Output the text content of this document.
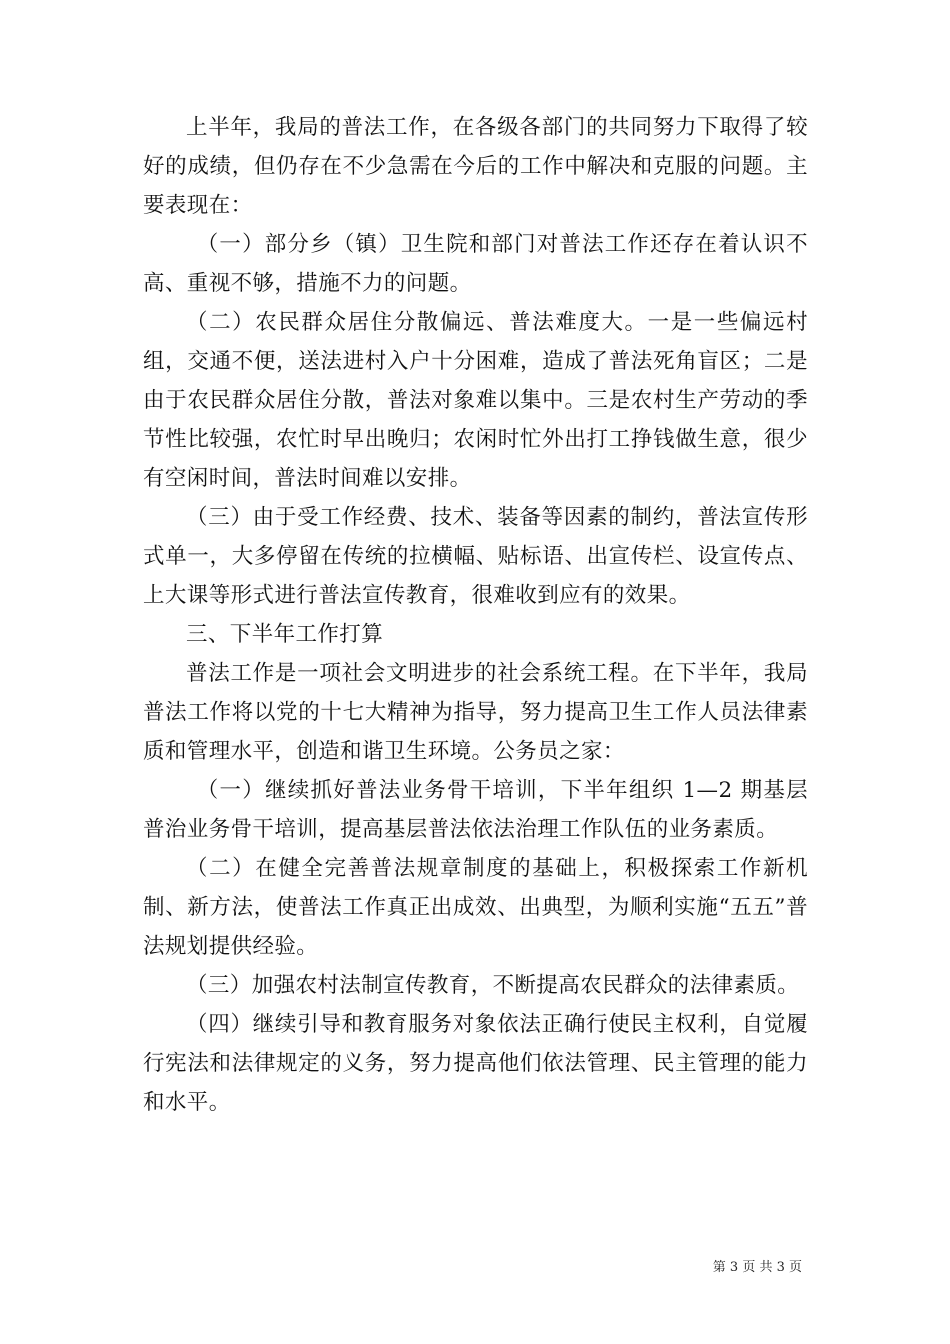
上半年，我局的普法工作，在各级各部门的共同努力下取得了较好的成绩，但仍存在不少急需在今后的工作中解决和克服的问题。主要表现在：

（一）部分乡（镇）卫生院和部门对普法工作还存在着认识不高、重视不够，措施不力的问题。

（二）农民群众居住分散偏远、普法难度大。一是一些偏远村组，交通不便，送法进村入户十分困难，造成了普法死角盲区；二是由于农民群众居住分散，普法对象难以集中。三是农村生产劳动的季节性比较强，农忙时早出晚归；农闲时忙外出打工挣钱做生意，很少有空闲时间，普法时间难以安排。

（三）由于受工作经费、技术、装备等因素的制约，普法宣传形式单一，大多停留在传统的拉横幅、贴标语、出宣传栏、设宣传点、上大课等形式进行普法宣传教育，很难收到应有的效果。

三、下半年工作打算

普法工作是一项社会文明进步的社会系统工程。在下半年，我局普法工作将以党的十七大精神为指导，努力提高卫生工作人员法律素质和管理水平，创造和谐卫生环境。公务员之家：

（一）继续抓好普法业务骨干培训，下半年组织 1—2 期基层普治业务骨干培训，提高基层普法依法治理工作队伍的业务素质。

（二）在健全完善普法规章制度的基础上，积极探索工作新机制、新方法，使普法工作真正出成效、出典型，为顺利实施“五五”普法规划提供经验。

（三）加强农村法制宣传教育，不断提高农民群众的法律素质。

（四）继续引导和教育服务对象依法正确行使民主权利，自觉履行宪法和法律规定的义务，努力提高他们依法管理、民主管理的能力和水平。

第 3 页 共 3 页
